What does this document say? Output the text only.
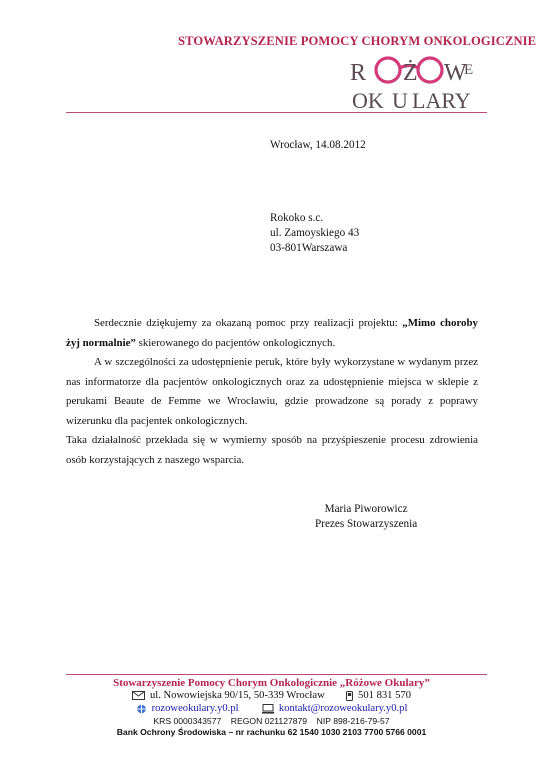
STOWARZYSZENIE POMOCY CHORYM ONKOLOGICZNIE
R Ż W
E
OK U LARY
Wrocław, 14.08.2012
Rokoko s.c.
ul. Zamoyskiego 43
03-801Warszawa

Serdecznie dziękujemy za okazaną pomoc przy realizacji projektu: „Mimo choroby żyj normalnie” skierowanego do pacjentów onkologicznych.

A w szczególności za udostępnienie peruk, które były wykorzystane w wydanym przez nas informatorze dla pacjentów onkologicznych oraz za udostępnienie miejsca w sklepie z perukami Beaute de Femme we Wrocławiu, gdzie prowadzone są porady z poprawy wizerunku dla pacjentek onkologicznych.

Taka działalność przekłada się w wymierny sposób na przyśpieszenie procesu zdrowienia osób korzystających z naszego wsparcia.

Maria Piworowicz
Prezes Stowarzyszenia
Stowarzyszenie Pomocy Chorym Onkologicznie „Różowe Okulary”
ul. Nowowiejska 90/15, 50-339 Wrocław	501 831 570
rozoweokulary.y0.pl	kontakt@rozoweokulary.y0.pl
KRS 0000343577    REGON 021127879    NIP 898-216-79-57
Bank Ochrony Środowiska – nr rachunku 62 1540 1030 2103 7700 5766 0001
